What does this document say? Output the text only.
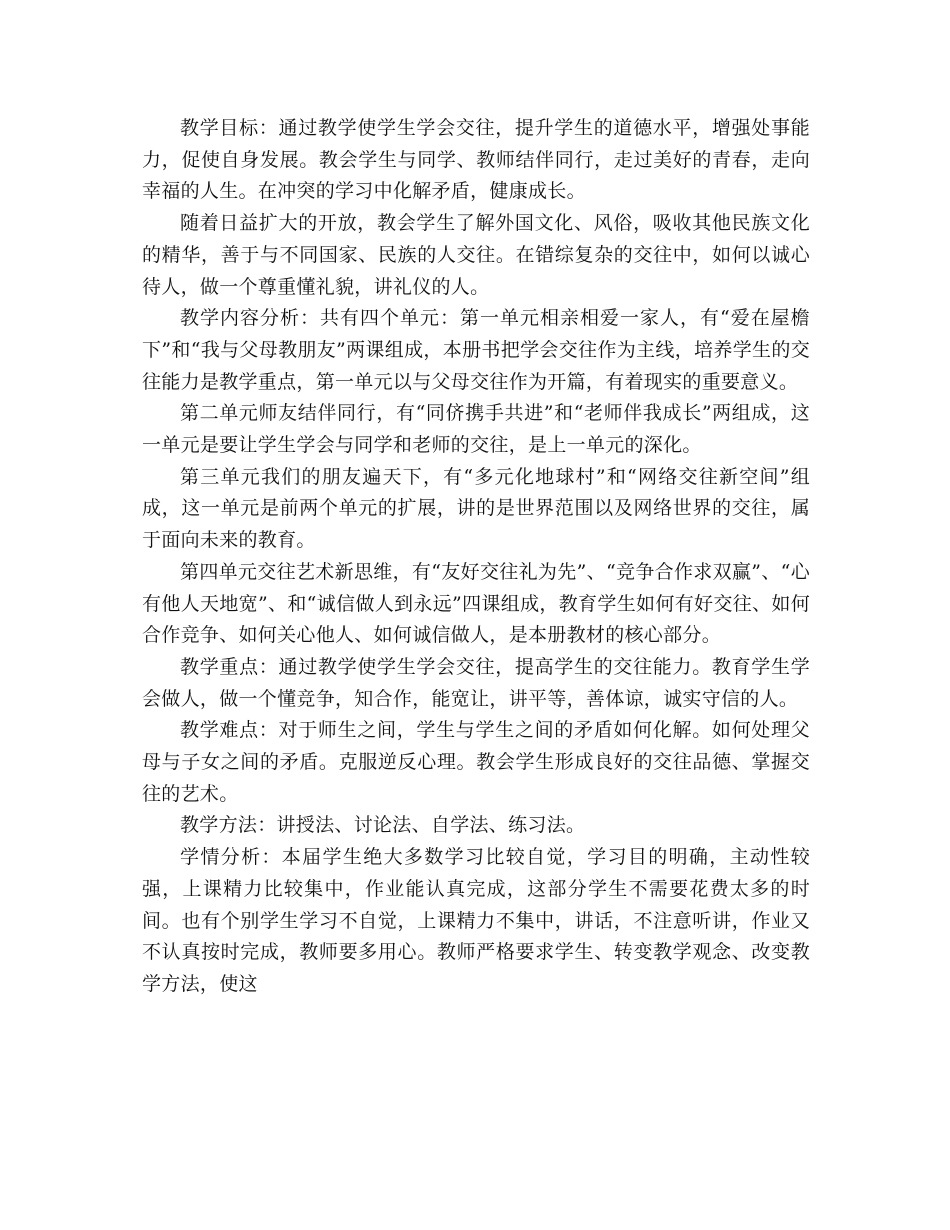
教学目标：通过教学使学生学会交往，提升学生的道德水平，增强处事能力，促使自身发展。教会学生与同学、教师结伴同行，走过美好的青春，走向幸福的人生。在冲突的学习中化解矛盾，健康成长。

随着日益扩大的开放，教会学生了解外国文化、风俗，吸收其他民族文化的精华，善于与不同国家、民族的人交往。在错综复杂的交往中，如何以诚心待人，做一个尊重懂礼貌，讲礼仪的人。

教学内容分析：共有四个单元：第一单元相亲相爱一家人，有“爱在屋檐下”和“我与父母教朋友”两课组成，本册书把学会交往作为主线，培养学生的交往能力是教学重点，第一单元以与父母交往作为开篇，有着现实的重要意义。

第二单元师友结伴同行，有“同侪携手共进”和“老师伴我成长”两组成，这一单元是要让学生学会与同学和老师的交往，是上一单元的深化。

第三单元我们的朋友遍天下，有“多元化地球村”和“网络交往新空间”组成，这一单元是前两个单元的扩展，讲的是世界范围以及网络世界的交往，属于面向未来的教育。

第四单元交往艺术新思维，有“友好交往礼为先”、“竞争合作求双赢”、“心有他人天地宽”、和“诚信做人到永远”四课组成，教育学生如何有好交往、如何合作竞争、如何关心他人、如何诚信做人，是本册教材的核心部分。

教学重点：通过教学使学生学会交往，提高学生的交往能力。教育学生学会做人，做一个懂竞争，知合作，能宽让，讲平等，善体谅，诚实守信的人。

教学难点：对于师生之间，学生与学生之间的矛盾如何化解。如何处理父母与子女之间的矛盾。克服逆反心理。教会学生形成良好的交往品德、掌握交往的艺术。

教学方法：讲授法、讨论法、自学法、练习法。

学情分析：本届学生绝大多数学习比较自觉，学习目的明确，主动性较强，上课精力比较集中，作业能认真完成，这部分学生不需要花费太多的时间。也有个别学生学习不自觉，上课精力不集中，讲话，不注意听讲，作业又不认真按时完成，教师要多用心。教师严格要求学生、转变教学观念、改变教学方法，使这
